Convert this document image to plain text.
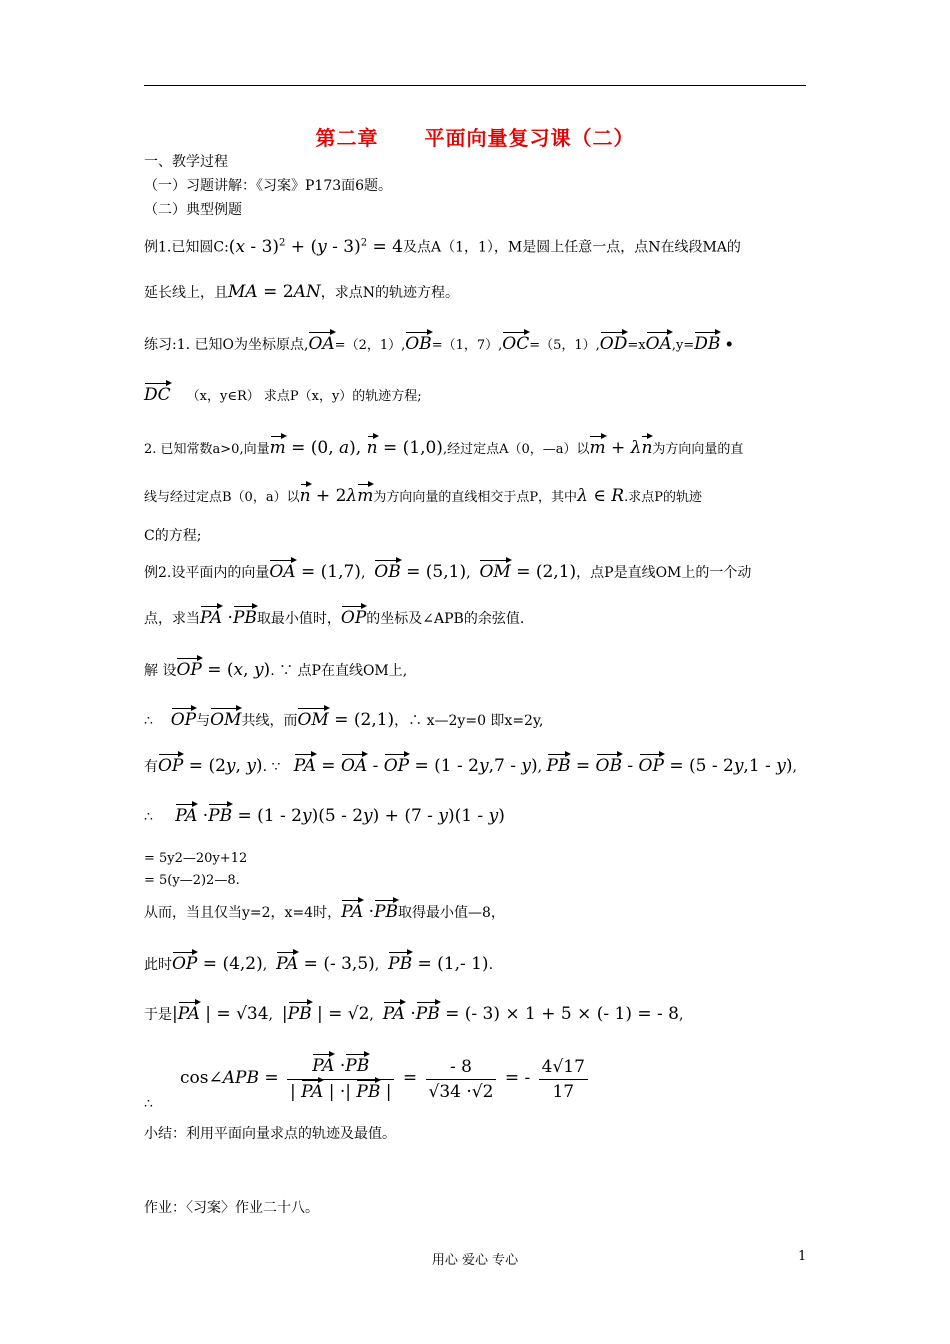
第二章 平面向量复习课（二）
一、教学过程
（一）习题讲解：《习案》P173面6题。
（二）典型例题
例1.已知圆C:(x - 3)$^2$ + (y - 3)$^2$ = 4及点A（1，1），M是圆上任意一点，点N在线段MA的
延长线上，且MA = 2AN，求点N的轨迹方程。
练习:1. 已知O为坐标原点,OA=（2，1）,OB=（1，7）,OC=（5，1）,OD=xOA,y=DB •
DC （x，y∈R） 求点P（x，y）的轨迹方程;
2. 已知常数a>0,向量m = (0, a), n = (1,0),经过定点A（0，—a）以m + λn为方向向量的直
线与经过定点B（0，a）以n + 2λm为方向向量的直线相交于点P，其中λ ∈ R.求点P的轨迹
C的方程;
例2.设平面内的向量OA = (1,7),  OB = (5,1),  OM = (2,1)，点P是直线OM上的一个动
点，求当PA ·PB取最小值时，OP的坐标及∠APB的余弦值.
解 设OP = (x, y). ∵ 点P在直线OM上,
∴ OP与OM共线，而OM = (2,1)，∴ x—2y=0 即x=2y,
有OP = (2y, y). ∵ PA = OA - OP = (1 - 2y,7 - y), PB = OB - OP = (5 - 2y,1 - y),
∴ PA ·PB = (1 - 2y)(5 - 2y) + (7 - y)(1 - y)
= 5y2—20y+12
= 5(y—2)2—8.
从而，当且仅当y=2，x=4时，PA ·PB取得最小值—8，
此时OP = (4,2),  PA = (- 3,5),  PB = (1,- 1).
于是|PA | = √34,  |PB | = √2,  PA ·PB = (- 3) × 1 + 5 × (- 1) = - 8,
cos∠APB = $\frac{PA \cdot PB}{| PA | \cdot| PB |} = \frac{- 8}{√34 \cdot√2}$ = - $\frac{4√17}{17}$
∴
小结：利用平面向量求点的轨迹及最值。
作业：〈习案〉作业二十八。
用心 爱心 专心	1
